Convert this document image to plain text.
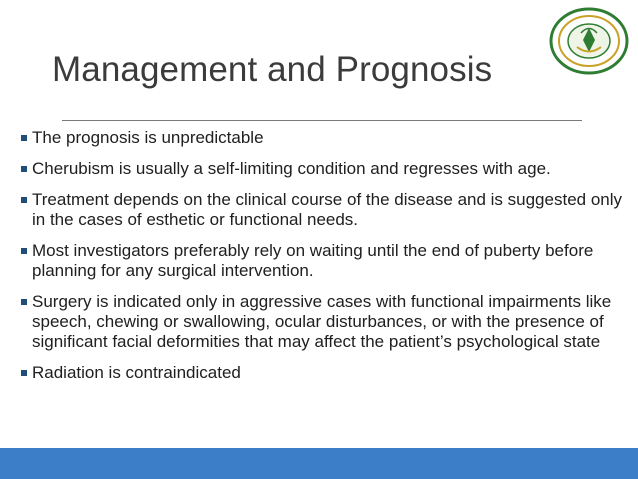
Management and Prognosis
The prognosis is unpredictable
Cherubism is usually a self-limiting condition and regresses with age.
Treatment depends on the clinical course of the disease and is suggested only in the cases of esthetic or functional needs.
Most investigators preferably rely on waiting until the end of puberty before planning for any surgical intervention.
Surgery is indicated only in aggressive cases with functional impairments like speech, chewing or swallowing, ocular disturbances, or with the presence of significant facial deformities that may affect the patient’s psychological state
Radiation is contraindicated
